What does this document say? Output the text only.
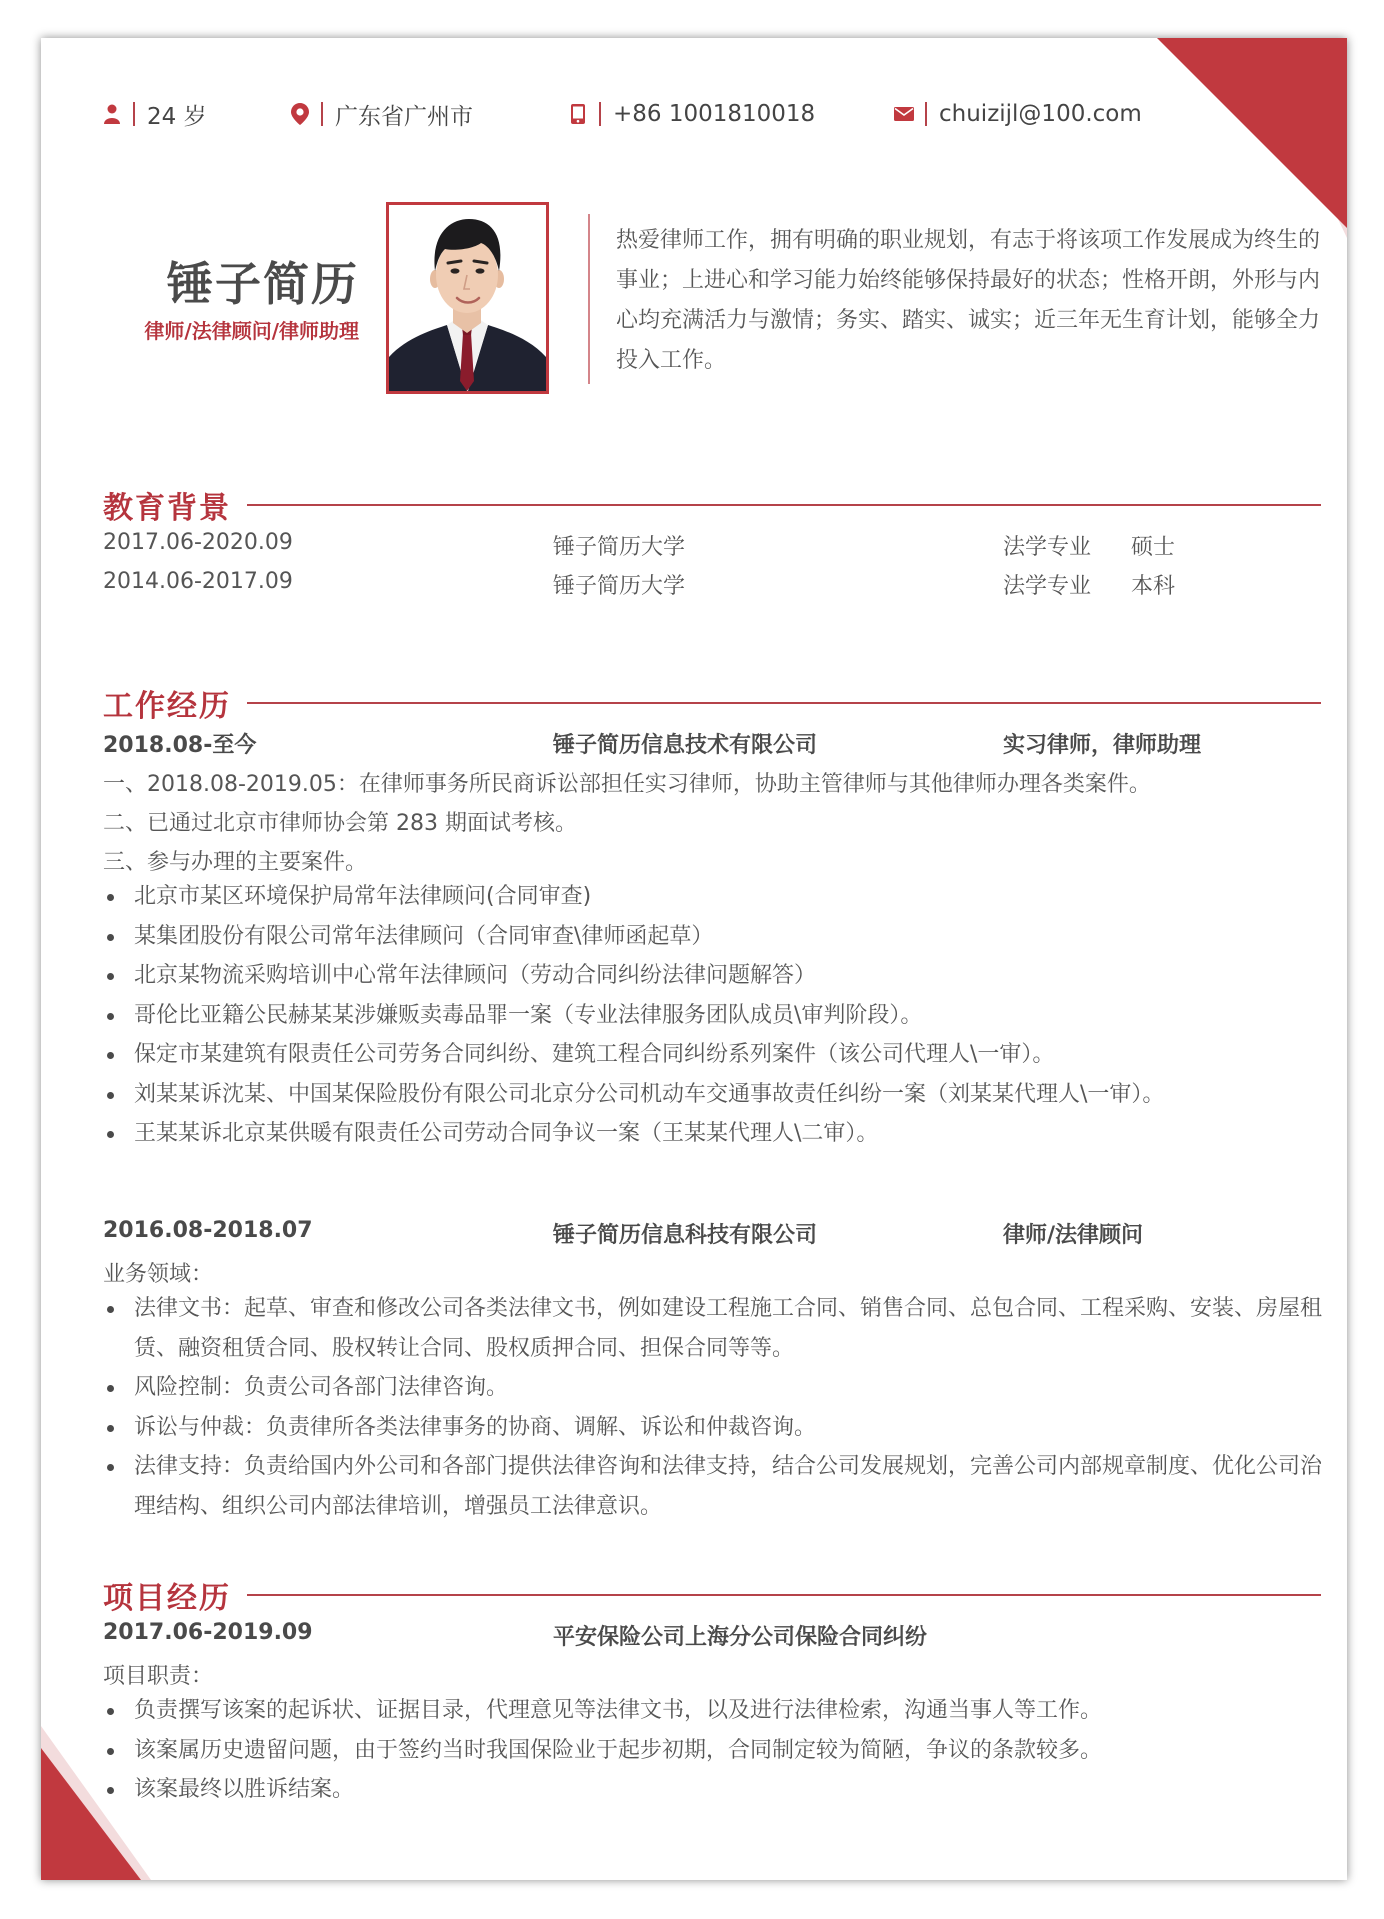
24 岁	广东省广州市	+86 1001810018	chuizijl@100.com
锤子简历
律师/法律顾问/律师助理
热爱律师工作，拥有明确的职业规划，有志于将该项工作发展成为终生的事业；上进心和学习能力始终能够保持最好的状态；性格开朗，外形与内心均充满活力与激情；务实、踏实、诚实；近三年无生育计划，能够全力投入工作。
教育背景
2017.06-2020.09	锤子简历大学	法学专业 硕士
2014.06-2017.09	锤子简历大学	法学专业 本科
工作经历
2018.08-至今	锤子简历信息技术有限公司	实习律师，律师助理
一、2018.08-2019.05：在律师事务所民商诉讼部担任实习律师，协助主管律师与其他律师办理各类案件。
二、已通过北京市律师协会第 283 期面试考核。
三、参与办理的主要案件。
北京市某区环境保护局常年法律顾问(合同审查)
某集团股份有限公司常年法律顾问（合同审查\律师函起草）
北京某物流采购培训中心常年法律顾问（劳动合同纠纷法律问题解答）
哥伦比亚籍公民赫某某涉嫌贩卖毒品罪一案（专业法律服务团队成员\审判阶段）。
保定市某建筑有限责任公司劳务合同纠纷、建筑工程合同纠纷系列案件（该公司代理人\一审）。
刘某某诉沈某、中国某保险股份有限公司北京分公司机动车交通事故责任纠纷一案（刘某某代理人\一审）。
王某某诉北京某供暖有限责任公司劳动合同争议一案（王某某代理人\二审）。
2016.08-2018.07	锤子简历信息科技有限公司	律师/法律顾问
业务领域：
法律文书：起草、审查和修改公司各类法律文书，例如建设工程施工合同、销售合同、总包合同、工程采购、安装、房屋租赁、融资租赁合同、股权转让合同、股权质押合同、担保合同等等。
风险控制：负责公司各部门法律咨询。
诉讼与仲裁：负责律所各类法律事务的协商、调解、诉讼和仲裁咨询。
法律支持：负责给国内外公司和各部门提供法律咨询和法律支持，结合公司发展规划，完善公司内部规章制度、优化公司治理结构、组织公司内部法律培训，增强员工法律意识。
项目经历
2017.06-2019.09	平安保险公司上海分公司保险合同纠纷
项目职责：
负责撰写该案的起诉状、证据目录，代理意见等法律文书，以及进行法律检索，沟通当事人等工作。
该案属历史遗留问题，由于签约当时我国保险业于起步初期，合同制定较为简陋，争议的条款较多。
该案最终以胜诉结案。
